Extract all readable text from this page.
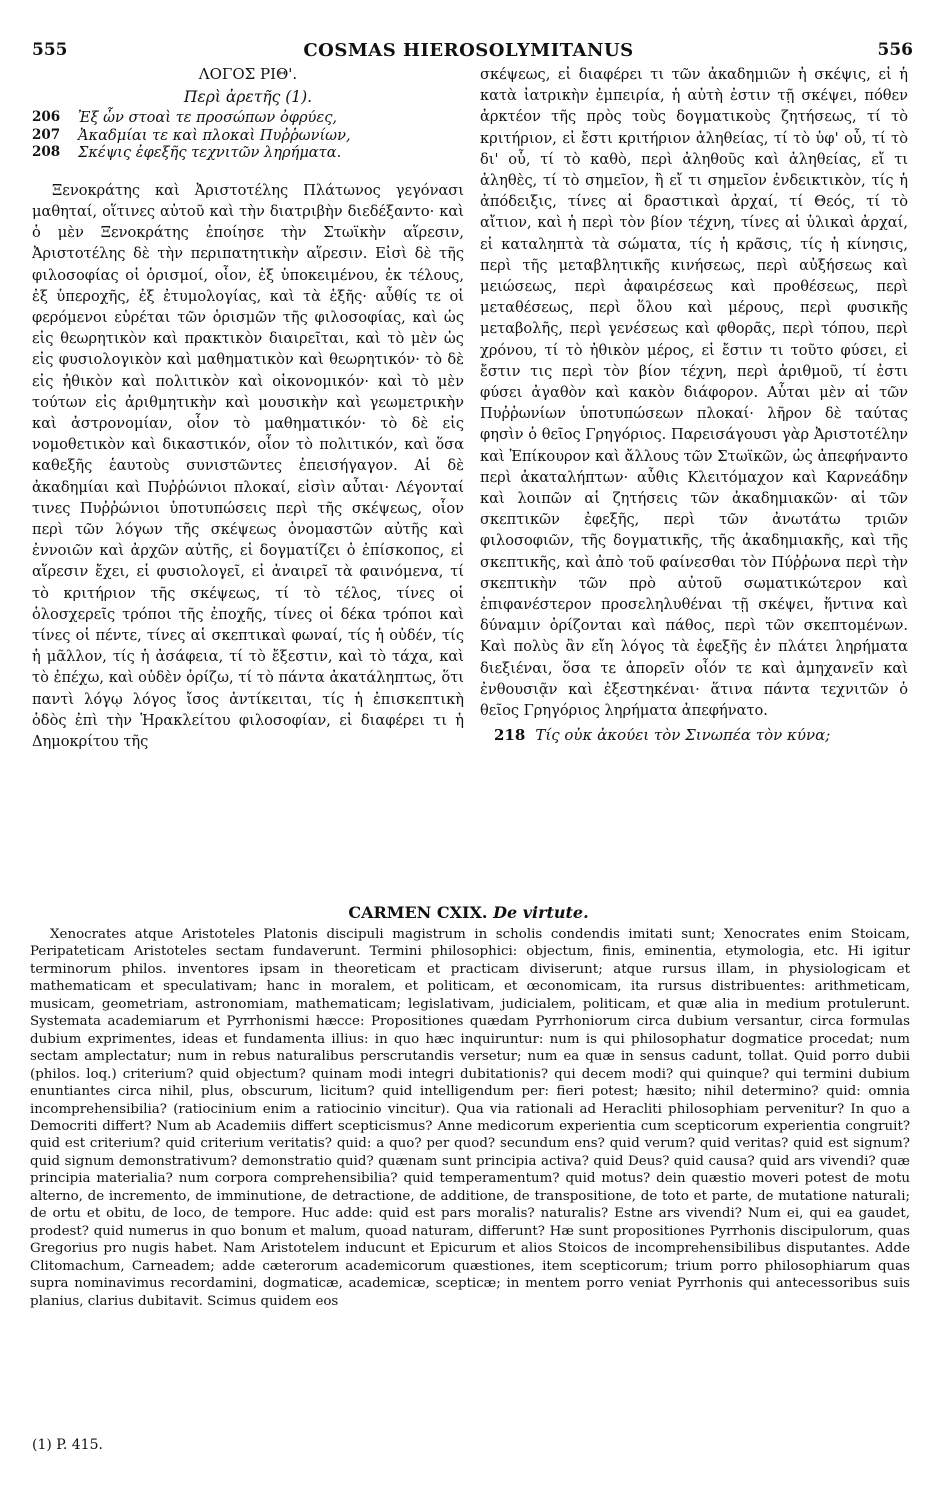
555	COSMAS HIEROSOLYMITANUS	556

ΛΟΓΟΣ ΡΙΘ'.

Περὶ ἀρετῆς (1).

206	Ἐξ ὧν στοαὶ τε προσώπων ὀφρύες,
207	Ἀκαδμίαι τε καὶ πλοκαὶ Πυῤῥωνίων,
208	Σκέψις ἐφεξῆς τεχνιτῶν ληρήματα.

Ξενοκράτης καὶ Ἀριστοτέλης Πλάτωνος γεγόνασι μαθηταί, οἵτινες αὐτοῦ καὶ τὴν διατριβὴν διεδέξαντο· καὶ ὁ μὲν Ξενοκράτης ἐποίησε τὴν Στωϊκὴν αἵρεσιν, Ἀριστοτέλης δὲ τὴν περιπατητικὴν αἵρεσιν. Εἰσὶ δὲ τῆς φιλοσοφίας οἱ ὁρισμοί, οἷον, ἐξ ὑποκειμένου, ἐκ τέλους, ἐξ ὑπεροχῆς, ἐξ ἐτυμολογίας, καὶ τὰ ἑξῆς· αὖθίς τε οἱ φερόμενοι εὑρέται τῶν ὁρισμῶν τῆς φιλοσοφίας, καὶ ὡς εἰς θεωρητικὸν καὶ πρακτικὸν διαιρεῖται, καὶ τὸ μὲν ὡς εἰς φυσιολογικὸν καὶ μαθηματικὸν καὶ θεωρητικόν· τὸ δὲ εἰς ἠθικὸν καὶ πολιτικὸν καὶ οἰκονομικόν· καὶ τὸ μὲν τούτων εἰς ἀριθμητικὴν καὶ μουσικὴν καὶ γεωμετρικὴν καὶ ἀστρονομίαν, οἷον τὸ μαθηματικόν· τὸ δὲ εἰς νομοθετικὸν καὶ δικαστικόν, οἷον τὸ πολιτικόν, καὶ ὅσα καθεξῆς ἑαυτοὺς συνιστῶντες ἐπεισήγαγον. Αἱ δὲ ἀκαδημίαι καὶ Πυῤῥώνιοι πλοκαί, εἰσὶν αὗται· Λέγονταί τινες Πυῤῥώνιοι ὑποτυπώσεις περὶ τῆς σκέψεως, οἷον περὶ τῶν λόγων τῆς σκέψεως ὀνομαστῶν αὐτῆς καὶ ἐννοιῶν καὶ ἀρχῶν αὐτῆς, εἰ δογματίζει ὁ ἐπίσκοπος, εἰ αἵρεσιν ἔχει, εἰ φυσιολογεῖ, εἰ ἀναιρεῖ τὰ φαινόμενα, τί τὸ κριτήριον τῆς σκέψεως, τί τὸ τέλος, τίνες οἱ ὁλοσχερεῖς τρόποι τῆς ἐποχῆς, τίνες οἱ δέκα τρόποι καὶ τίνες οἱ πέντε, τίνες αἱ σκεπτικαὶ φωναί, τίς ἡ οὐδέν, τίς ἡ μᾶλλον, τίς ἡ ἀσάφεια, τί τὸ ἔξεστιν, καὶ τὸ τάχα, καὶ τὸ ἐπέχω, καὶ οὐδὲν ὁρίζω, τί τὸ πάντα ἀκατάληπτως, ὅτι παντὶ λόγῳ λόγος ἴσος ἀντίκειται, τίς ἡ ἐπισκεπτικὴ ὁδὸς ἐπὶ τὴν Ἡρακλείτου φιλοσοφίαν, εἰ διαφέρει τι ἡ Δημοκρίτου τῆς

σκέψεως, εἰ διαφέρει τι τῶν ἀκαδημιῶν ἡ σκέψις, εἰ ἡ κατὰ ἰατρικὴν ἐμπειρία, ἡ αὐτὴ ἐστιν τῇ σκέψει, πόθεν ἀρκτέον τῆς πρὸς τοὺς δογματικοὺς ζητήσεως, τί τὸ κριτήριον, εἰ ἔστι κριτήριον ἀληθείας, τί τὸ ὑφ' οὗ, τί τὸ δι' οὗ, τί τὸ καθὸ, περὶ ἀληθοῦς καὶ ἀληθείας, εἴ τι ἀληθὲς, τί τὸ σημεῖον, ἢ εἴ τι σημεῖον ἐνδεικτικὸν, τίς ἡ ἀπόδειξις, τίνες αἱ δραστικαὶ ἀρχαί, τί Θεός, τί τὸ αἴτιον, καὶ ἡ περὶ τὸν βίον τέχνη, τίνες αἱ ὑλικαὶ ἀρχαί, εἰ καταληπτὰ τὰ σώματα, τίς ἡ κρᾶσις, τίς ἡ κίνησις, περὶ τῆς μεταβλητικῆς κινήσεως, περὶ αὐξήσεως καὶ μειώσεως, περὶ ἀφαιρέσεως καὶ προθέσεως, περὶ μεταθέσεως, περὶ ὅλου καὶ μέρους, περὶ φυσικῆς μεταβολῆς, περὶ γενέσεως καὶ φθορᾶς, περὶ τόπου, περὶ χρόνου, τί τὸ ἠθικὸν μέρος, εἰ ἔστιν τι τοῦτο φύσει, εἰ ἔστιν τις περὶ τὸν βίον τέχνη, περὶ ἀριθμοῦ, τί ἐστι φύσει ἀγαθὸν καὶ κακὸν διάφορον. Αὗται μὲν αἱ τῶν Πυῤῥωνίων ὑποτυπώσεων πλοκαί· λῆρον δὲ ταύτας φησὶν ὁ θεῖος Γρηγόριος. Παρεισάγουσι γὰρ Ἀριστοτέλην καὶ Ἐπίκουρον καὶ ἄλλους τῶν Στωϊκῶν, ὡς ἀπεφήναντο περὶ ἀκαταλήπτων· αὖθις Κλειτόμαχον καὶ Καρνεάδην καὶ λοιπῶν αἱ ζητήσεις τῶν ἀκαδημιακῶν· αἱ τῶν σκεπτικῶν ἐφεξῆς, περὶ τῶν ἀνωτάτω τριῶν φιλοσοφιῶν, τῆς δογματικῆς, τῆς ἀκαδημιακῆς, καὶ τῆς σκεπτικῆς, καὶ ἀπὸ τοῦ φαίνεσθαι τὸν Πύῤῥωνα περὶ τὴν σκεπτικὴν τῶν πρὸ αὐτοῦ σωματικώτερον καὶ ἐπιφανέστερον προσεληλυθέναι τῇ σκέψει, ἥντινα καὶ δύναμιν ὁρίζονται καὶ πάθος, περὶ τῶν σκεπτομένων. Καὶ πολὺς ἂν εἴη λόγος τὰ ἐφεξῆς ἐν πλάτει ληρήματα διεξιέναι, ὅσα τε ἀπορεῖν οἷόν τε καὶ ἀμηχανεῖν καὶ ἐνθουσιᾷν καὶ ἐξεστηκέναι· ἅτινα πάντα τεχνιτῶν ὁ θεῖος Γρηγόριος ληρήματα ἀπεφήνατο.

218 Τίς οὐκ ἀκούει τὸν Σινωπέα τὸν κύνα;
CARMEN CXIX. De virtute.

Xenocrates atque Aristoteles Platonis discipuli magistrum in scholis condendis imitati sunt; Xenocrates enim Stoicam, Peripateticam Aristoteles sectam fundaverunt. Termini philosophici: objectum, finis, eminentia, etymologia, etc. Hi igitur terminorum philos. inventores ipsam in theoreticam et practicam diviserunt; atque rursus illam, in physiologicam et mathematicam et speculativam; hanc in moralem, et politicam, et œconomicam, ita rursus distribuentes: arithmeticam, musicam, geometriam, astronomiam, mathematicam; legislativam, judicialem, politicam, et quæ alia in medium protulerunt. Systemata academiarum et Pyrrhonismi hæcce: Propositiones quædam Pyrrhoniorum circa dubium versantur, circa formulas dubium exprimentes, ideas et fundamenta illius: in quo hæc inquiruntur: num is qui philosophatur dogmatice procedat; num sectam amplectatur; num in rebus naturalibus perscrutandis versetur; num ea quæ in sensus cadunt, tollat. Quid porro dubii (philos. loq.) criterium? quid objectum? quinam modi integri dubitationis? qui decem modi? qui quinque? qui termini dubium enuntiantes circa nihil, plus, obscurum, licitum? quid intelligendum per: fieri potest; hæsito; nihil determino? quid: omnia incomprehensibilia? (ratiocinium enim a ratiocinio vincitur). Qua via rationali ad Heracliti philosophiam pervenitur? In quo a Democriti differt? Num ab Academiis differt scepticismus? Anne medicorum experientia cum scepticorum experientia congruit? quid est criterium? quid criterium veritatis? quid: a quo? per quod? secundum ens? quid verum? quid veritas? quid est signum? quid signum demonstrativum? demonstratio quid? quænam sunt principia activa? quid Deus? quid causa? quid ars vivendi? quæ principia materialia? num corpora comprehensibilia? quid temperamentum? quid motus? dein quæstio moveri potest de motu alterno, de incremento, de imminutione, de detractione, de additione, de transpositione, de toto et parte, de mutatione naturali; de ortu et obitu, de loco, de tempore. Huc adde: quid est pars moralis? naturalis? Estne ars vivendi? Num ei, qui ea gaudet, prodest? quid numerus in quo bonum et malum, quoad naturam, differunt? Hæ sunt propositiones Pyrrhonis discipulorum, quas Gregorius pro nugis habet. Nam Aristotelem inducunt et Epicurum et alios Stoicos de incomprehensibilibus disputantes. Adde Clitomachum, Carneadem; adde cæterorum academicorum quæstiones, item scepticorum; trium porro philosophiarum quas supra nominavimus recordamini, dogmaticæ, academicæ, scepticæ; in mentem porro veniat Pyrrhonis qui antecessoribus suis planius, clarius dubitavit. Scimus quidem eos

(1) P. 415.
